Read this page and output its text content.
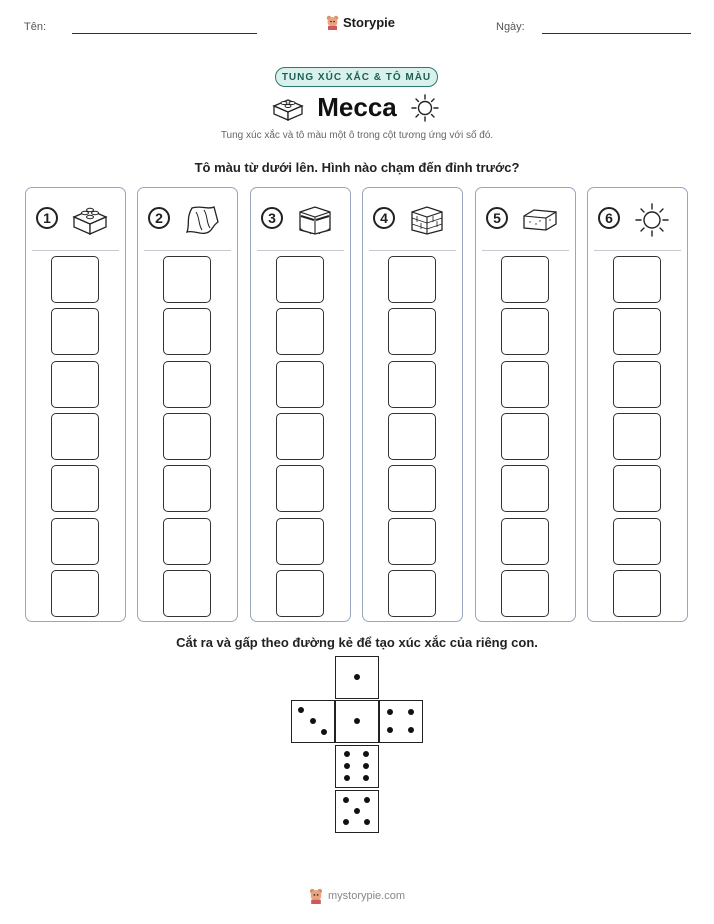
Tên:	Storypie	Ngày:
TUNG XÚC XẮC & TÔ MÀU
Mecca
Tung xúc xắc và tô màu một ô trong cột tương ứng với số đó.
Tô màu từ dưới lên. Hình nào chạm đến đỉnh trước?
1	2	3	4	5	6
Cắt ra và gấp theo đường kẻ để tạo xúc xắc của riêng con.
mystorypie.com
